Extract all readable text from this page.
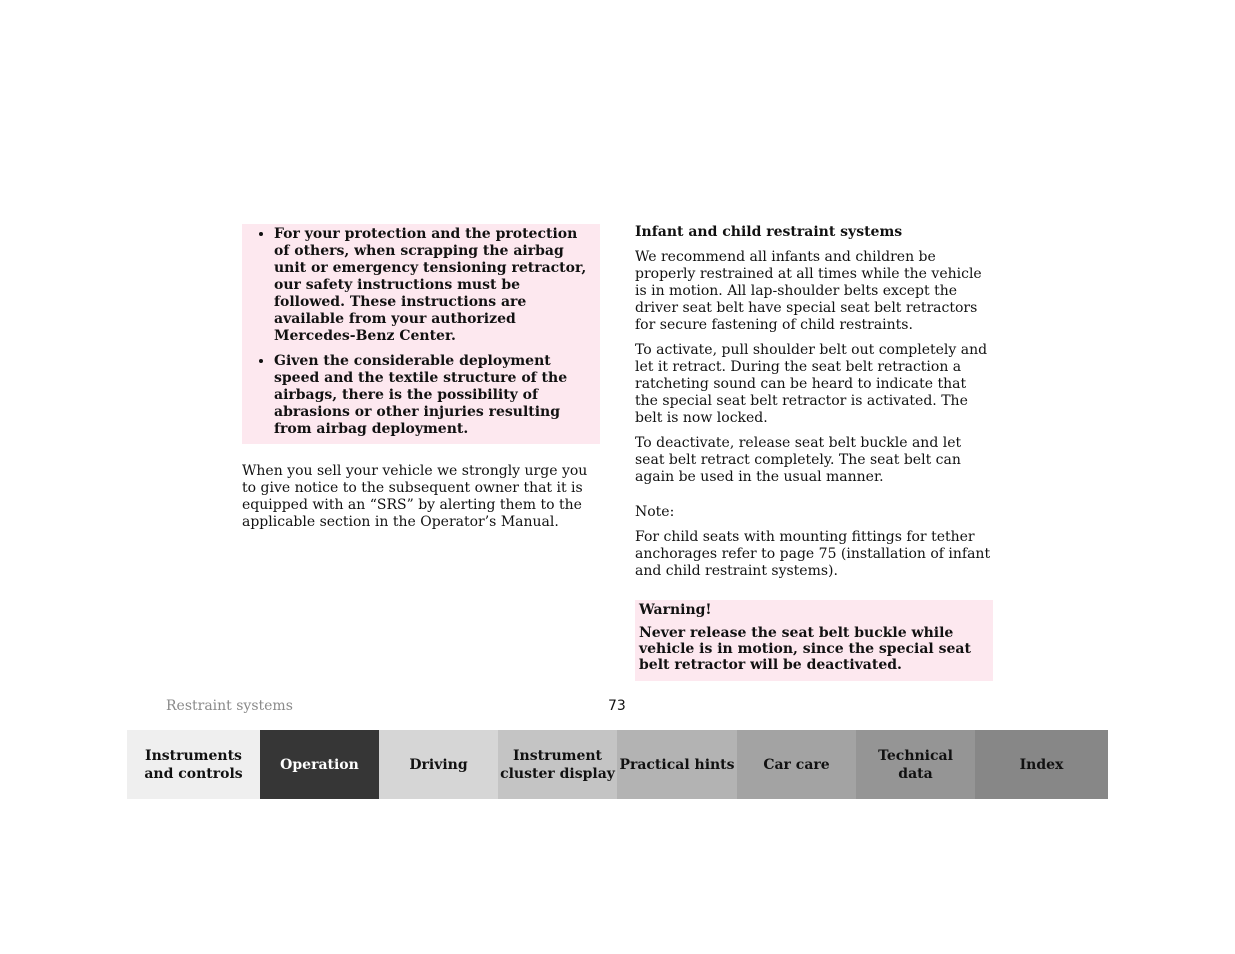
• For your protection and the protection of others, when scrapping the airbag unit or emergency tensioning retractor, our safety instructions must be followed. These instructions are available from your authorized Mercedes-Benz Center.
• Given the considerable deployment speed and the textile structure of the airbags, there is the possibility of abrasions or other injuries resulting from airbag deployment.

When you sell your vehicle we strongly urge you to give notice to the subsequent owner that it is equipped with an “SRS” by alerting them to the applicable section in the Operator’s Manual.

Infant and child restraint systems

We recommend all infants and children be properly restrained at all times while the vehicle is in motion. All lap-shoulder belts except the driver seat belt have special seat belt retractors for secure fastening of child restraints.

To activate, pull shoulder belt out completely and let it retract. During the seat belt retraction a ratcheting sound can be heard to indicate that the special seat belt retractor is activated. The belt is now locked.

To deactivate, release seat belt buckle and let seat belt retract completely. The seat belt can again be used in the usual manner.

Note:

For child seats with mounting fittings for tether anchorages refer to page 75 (installation of infant and child restraint systems).

Warning!
Never release the seat belt buckle while vehicle is in motion, since the special seat belt retractor will be deactivated.
Restraint systems	73
Instruments
and controls
Operation	Driving
Instrument
cluster display
Practical hints	Car care
Technical
data
Index
